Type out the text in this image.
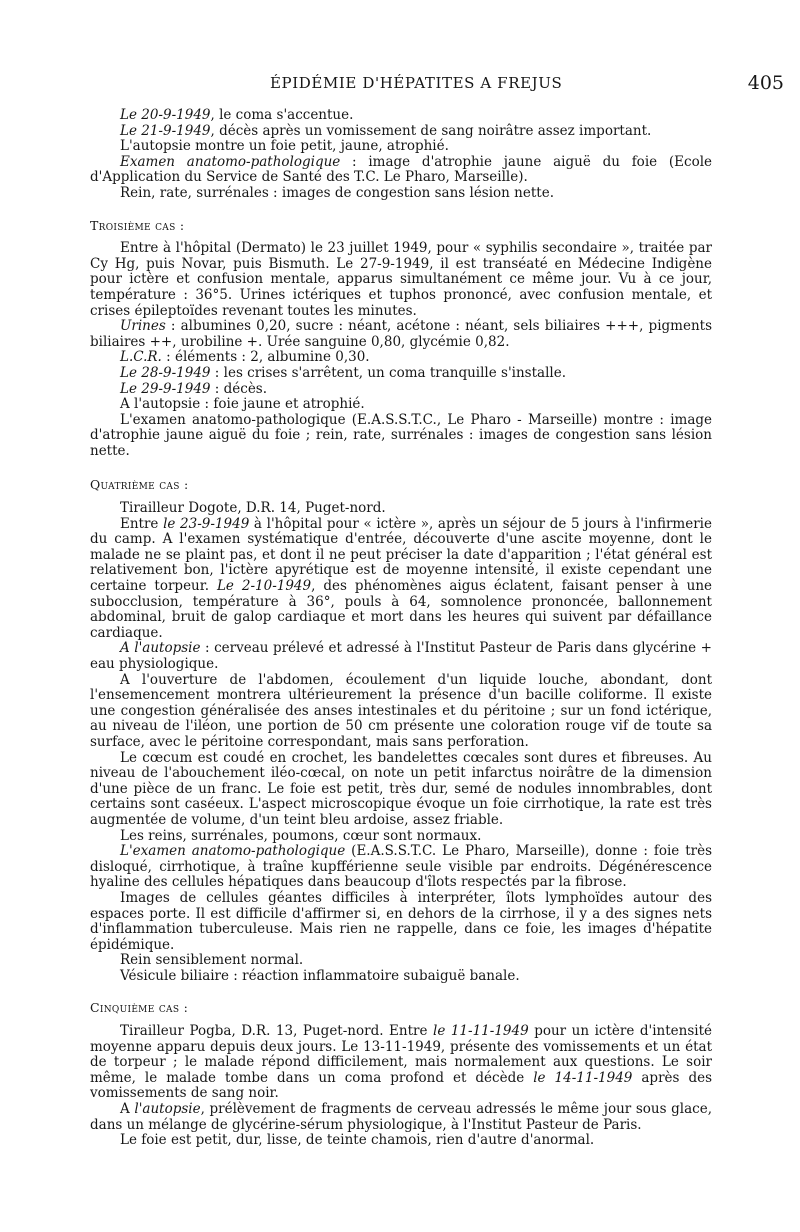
ÉPIDÉMIE D'HÉPATITES A FREJUS	405

Le 20-9-1949, le coma s'accentue.

Le 21-9-1949, décès après un vomissement de sang noirâtre assez important.

L'autopsie montre un foie petit, jaune, atrophié.

Examen anatomo-pathologique : image d'atrophie jaune aiguë du foie (Ecole d'Application du Service de Santé des T.C. Le Pharo, Marseille).

Rein, rate, surrénales : images de congestion sans lésion nette.

Troisième cas :

Entre à l'hôpital (Dermato) le 23 juillet 1949, pour « syphilis secondaire », traitée par Cy Hg, puis Novar, puis Bismuth. Le 27-9-1949, il est transéaté en Médecine Indigène pour ictère et confusion mentale, apparus simultanément ce même jour. Vu à ce jour, température : 36°5. Urines ictériques et tuphos prononcé, avec confusion mentale, et crises épileptoïdes revenant toutes les minutes.

Urines : albumines 0,20, sucre : néant, acétone : néant, sels biliaires +++, pigments biliaires ++, urobiline +. Urée sanguine 0,80, glycémie 0,82.

L.C.R. : éléments : 2, albumine 0,30.

Le 28-9-1949 : les crises s'arrêtent, un coma tranquille s'installe.

Le 29-9-1949 : décès.

A l'autopsie : foie jaune et atrophié.

L'examen anatomo-pathologique (E.A.S.S.T.C., Le Pharo - Marseille) montre : image d'atrophie jaune aiguë du foie ; rein, rate, surrénales : images de congestion sans lésion nette.

Quatrième cas :

Tirailleur Dogote, D.R. 14, Puget-nord.

Entre le 23-9-1949 à l'hôpital pour « ictère », après un séjour de 5 jours à l'infirmerie du camp. A l'examen systématique d'entrée, découverte d'une ascite moyenne, dont le malade ne se plaint pas, et dont il ne peut préciser la date d'apparition ; l'état général est relativement bon, l'ictère apyrétique est de moyenne intensité, il existe cependant une certaine torpeur. Le 2-10-1949, des phénomènes aigus éclatent, faisant penser à une subocclusion, température à 36°, pouls à 64, somnolence prononcée, ballonnement abdominal, bruit de galop cardiaque et mort dans les heures qui suivent par défaillance cardiaque.

A l'autopsie : cerveau prélevé et adressé à l'Institut Pasteur de Paris dans glycérine + eau physiologique.

A l'ouverture de l'abdomen, écoulement d'un liquide louche, abondant, dont l'ensemencement montrera ultérieurement la présence d'un bacille coliforme. Il existe une congestion généralisée des anses intestinales et du péritoine ; sur un fond ictérique, au niveau de l'iléon, une portion de 50 cm présente une coloration rouge vif de toute sa surface, avec le péritoine correspondant, mais sans perforation.

Le cœcum est coudé en crochet, les bandelettes cœcales sont dures et fibreuses. Au niveau de l'abouchement iléo-cœcal, on note un petit infarctus noirâtre de la dimension d'une pièce de un franc. Le foie est petit, très dur, semé de nodules innombrables, dont certains sont caséeux. L'aspect microscopique évoque un foie cirrhotique, la rate est très augmentée de volume, d'un teint bleu ardoise, assez friable.

Les reins, surrénales, poumons, cœur sont normaux.

L'examen anatomo-pathologique (E.A.S.S.T.C. Le Pharo, Marseille), donne : foie très disloqué, cirrhotique, à traîne kupfférienne seule visible par endroits. Dégénérescence hyaline des cellules hépatiques dans beaucoup d'îlots respectés par la fibrose.

Images de cellules géantes difficiles à interpréter, îlots lymphoïdes autour des espaces porte. Il est difficile d'affirmer si, en dehors de la cirrhose, il y a des signes nets d'inflammation tuberculeuse. Mais rien ne rappelle, dans ce foie, les images d'hépatite épidémique.

Rein sensiblement normal.

Vésicule biliaire : réaction inflammatoire subaiguë banale.

Cinquième cas :

Tirailleur Pogba, D.R. 13, Puget-nord. Entre le 11-11-1949 pour un ictère d'intensité moyenne apparu depuis deux jours. Le 13-11-1949, présente des vomissements et un état de torpeur ; le malade répond difficilement, mais normalement aux questions. Le soir même, le malade tombe dans un coma profond et décède le 14-11-1949 après des vomissements de sang noir.

A l'autopsie, prélèvement de fragments de cerveau adressés le même jour sous glace, dans un mélange de glycérine-sérum physiologique, à l'Institut Pasteur de Paris.

Le foie est petit, dur, lisse, de teinte chamois, rien d'autre d'anormal.
